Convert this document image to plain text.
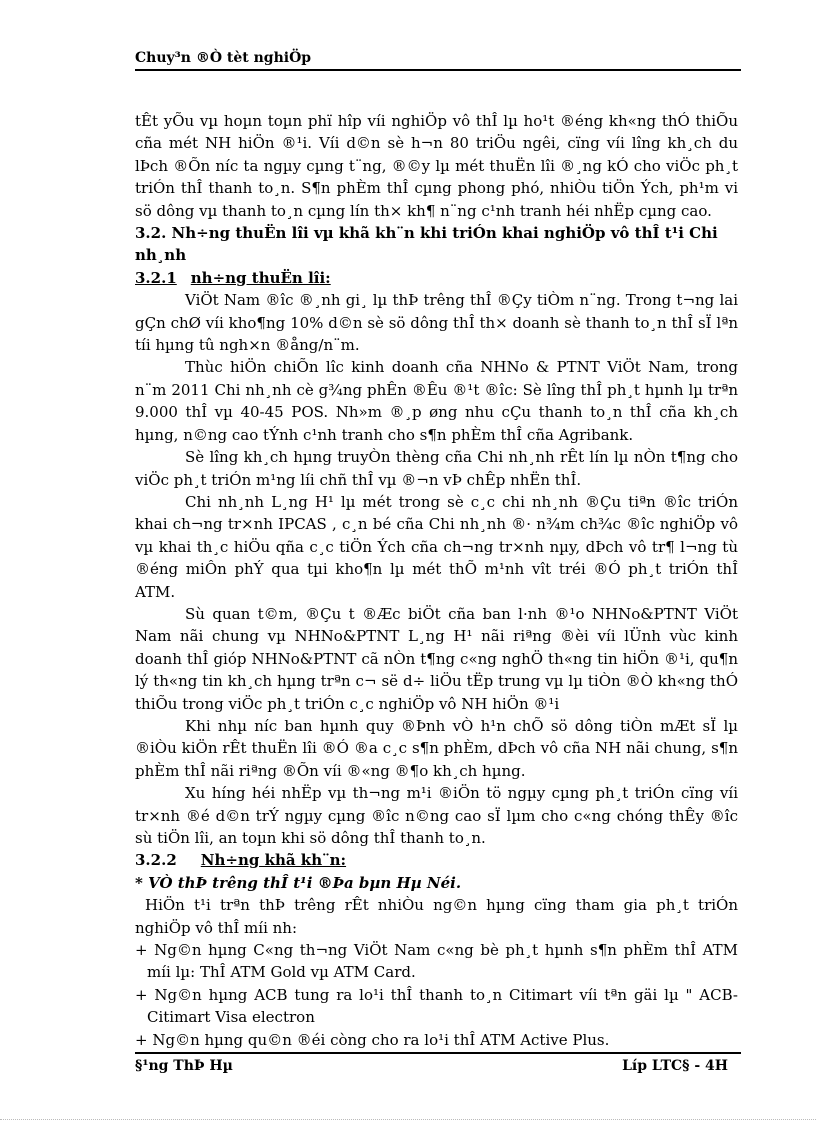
Chuy³n ®Ò tèt nghiÖp

tÊt yÕu vµ hoµn toµn phï hîp víi nghiÖp vô thÎ lµ ho¹t ®éng kh«ng thÓ thiÕu cña mét NH hiÖn ®¹i. Víi d©n sè h¬n 80 triÖu ngêi, cïng víi lîng kh¸ch du lÞch ®Õn níc ta ngµy cµng t¨ng, ®©y lµ mét thuËn lîi ®¸ng kÓ cho viÖc ph¸t triÓn thÎ thanh to¸n. S¶n phÈm thÎ cµng phong phó, nhiÒu tiÖn Ých, ph¹m vi sö dông vµ thanh to¸n cµng lín th× kh¶ n¨ng c¹nh tranh héi nhËp cµng cao.

3.2. Nh÷ng thuËn lîi vµ khã kh¨n khi triÓn khai nghiÖp vô thÎ t¹i Chi nh¸nh

3.2.1 nh÷ng thuËn lîi:

ViÖt Nam ®îc ®¸nh gi¸ lµ thÞ trêng thÎ ®Çy tiÒm n¨ng. Trong t¬ng lai gÇn chØ víi kho¶ng 10% d©n sè sö dông thÎ th× doanh sè thanh to¸n thÎ sÏ lªn tíi hµng tû ngh×n ®ång/n¨m.

Thùc hiÖn chiÕn lîc kinh doanh cña NHNo & PTNT ViÖt Nam, trong n¨m 2011 Chi nh¸nh cè g¾ng phÊn ®Êu ®¹t ®îc: Sè lîng thÎ ph¸t hµnh lµ trªn 9.000 thÎ vµ 40-45 POS. Nh»m ®¸p øng nhu cÇu thanh to¸n thÎ cña kh¸ch hµng, n©ng cao tÝnh c¹nh tranh cho s¶n phÈm thÎ cña Agribank.

Sè lîng kh¸ch hµng truyÒn thèng cña Chi nh¸nh rÊt lín lµ nÒn t¶ng cho viÖc ph¸t triÓn m¹ng líi chñ thÎ vµ ®¬n vÞ chÊp nhËn thÎ.

Chi nh¸nh L¸ng H¹ lµ mét trong sè c¸c chi nh¸nh ®Çu tiªn ®îc triÓn khai ch¬ng tr×nh IPCAS , c¸n bé cña Chi nh¸nh ®· n¾m ch¾c ®îc nghiÖp vô vµ khai th¸c hiÖu qña c¸c tiÖn Ých cña ch¬ng tr×nh nµy, dÞch vô tr¶ l¬ng tù ®éng miÔn phÝ qua tµi kho¶n lµ mét thÕ m¹nh vît tréi ®Ó ph¸t triÓn thÎ ATM.

Sù quan t©m, ®Çu t ®Æc biÖt cña ban l·nh ®¹o NHNo&PTNT ViÖt Nam nãi chung vµ NHNo&PTNT L¸ng H¹ nãi riªng ®èi víi lÜnh vùc kinh doanh thÎ gióp NHNo&PTNT cã nÒn t¶ng c«ng nghÖ th«ng tin hiÖn ®¹i, qu¶n lý th«ng tin kh¸ch hµng trªn c¬ së d÷ liÖu tËp trung vµ lµ tiÒn ®Ò kh«ng thÓ thiÕu trong viÖc ph¸t triÓn c¸c nghiÖp vô NH hiÖn ®¹i

Khi nhµ níc ban hµnh quy ®Þnh vÒ h¹n chÕ sö dông tiÒn mÆt sÏ lµ ®iÒu kiÖn rÊt thuËn lîi ®Ó ®a c¸c s¶n phÈm, dÞch vô cña NH nãi chung, s¶n phÈm thÎ nãi riªng ®Õn víi ®«ng ®¶o kh¸ch hµng.

Xu híng héi nhËp vµ th¬ng m¹i ®iÖn tö ngµy cµng ph¸t triÓn cïng víi tr×nh ®é d©n trÝ ngµy cµng ®îc n©ng cao sÏ lµm cho c«ng chóng thÊy ®îc sù tiÖn lîi, an toµn khi sö dông thÎ thanh to¸n.

3.2.2 Nh÷ng khã kh¨n:

* VÒ thÞ trêng thÎ t¹i ®Þa bµn Hµ Néi.

HiÖn t¹i trªn thÞ trêng rÊt nhiÒu ng©n hµng cïng tham gia ph¸t triÓn nghiÖp vô thÎ míi nh:

+ Ng©n hµng C«ng th¬ng ViÖt Nam c«ng bè ph¸t hµnh s¶n phÈm thÎ ATM míi lµ: ThÎ ATM Gold vµ ATM Card.

+ Ng©n hµng ACB tung ra lo¹i thÎ thanh to¸n Citimart víi tªn gäi lµ " ACB-Citimart Visa electron

+ Ng©n hµng qu©n ®éi còng cho ra lo¹i thÎ ATM Active Plus.

§¹ng ThÞ Hµ	Líp LTC§ - 4H
